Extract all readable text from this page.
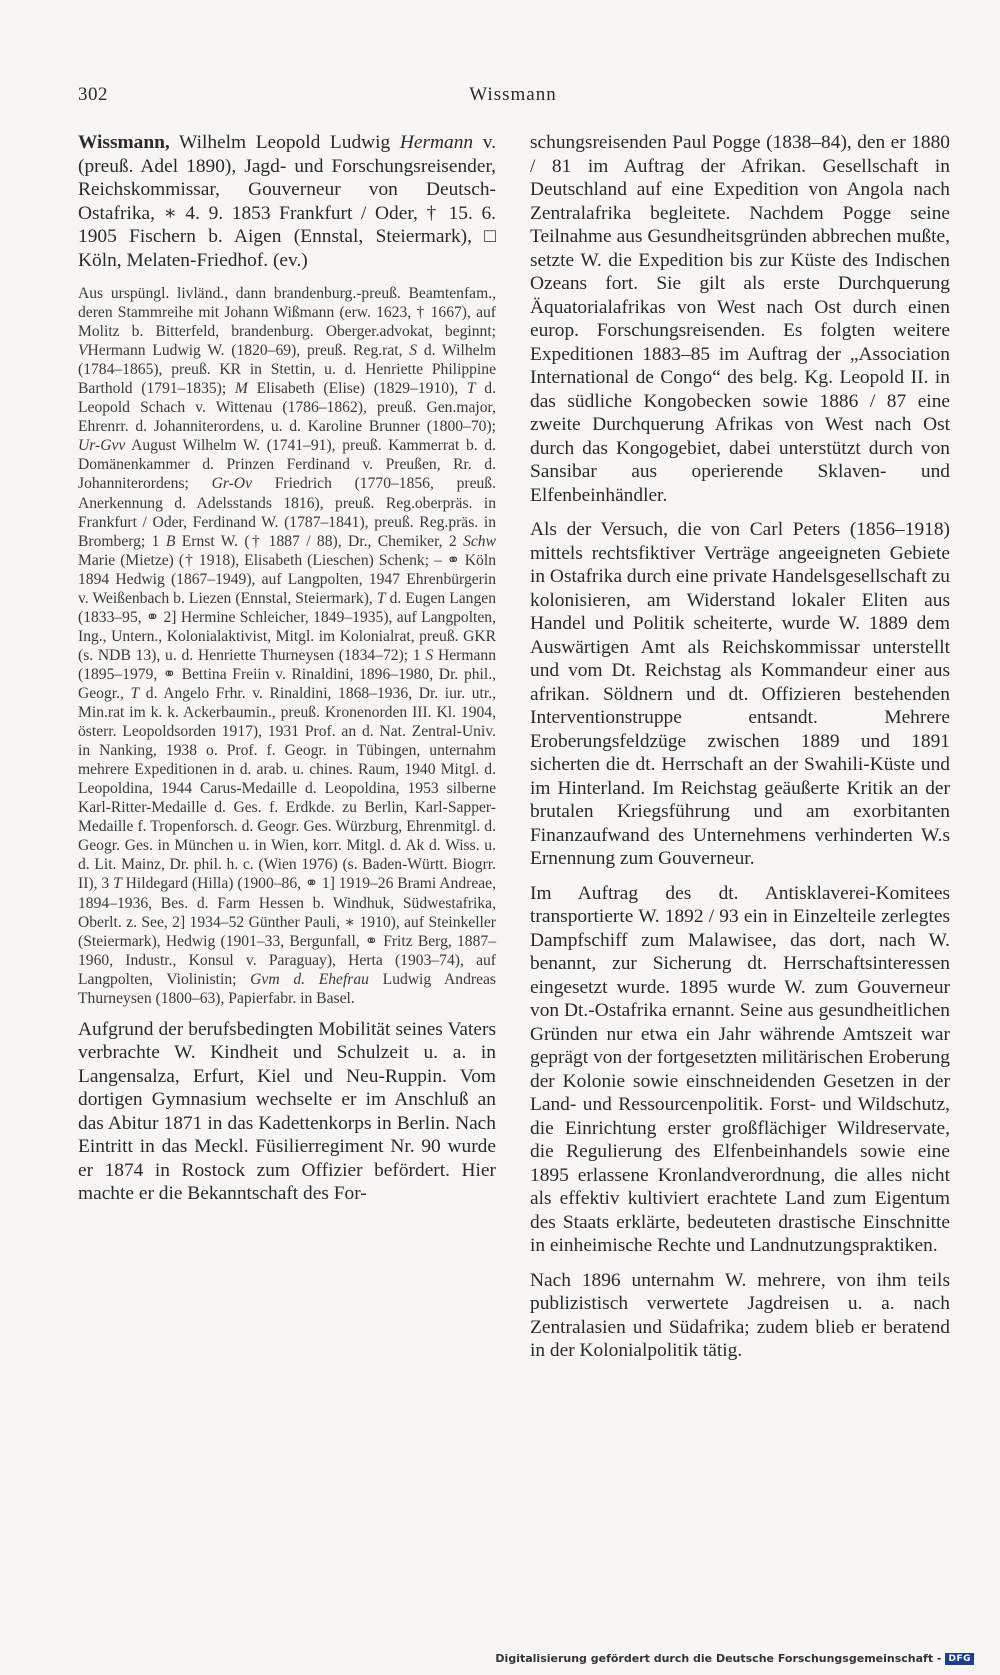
302	Wissmann

Wissmann, Wilhelm Leopold Ludwig Hermann v. (preuß. Adel 1890), Jagd- und Forschungsreisender, Reichskommissar, Gouverneur von Deutsch-Ostafrika, ∗ 4. 9. 1853 Frankfurt / Oder, † 15. 6. 1905 Fischern b. Aigen (Ennstal, Steiermark), □ Köln, Melaten-Friedhof. (ev.)

Aus urspüngl. livländ., dann brandenburg.-preuß. Beamtenfam., deren Stammreihe mit Johann Wißmann (erw. 1623, † 1667), auf Molitz b. Bitterfeld, brandenburg. Oberger.advokat, beginnt; VHermann Ludwig W. (1820–69), preuß. Reg.rat, S d. Wilhelm (1784–1865), preuß. KR in Stettin, u. d. Henriette Philippine Barthold (1791–1835); M Elisabeth (Elise) (1829–1910), T d. Leopold Schach v. Wittenau (1786–1862), preuß. Gen.major, Ehrenrr. d. Johanniterordens, u. d. Karoline Brunner (1800–70); Ur-Gvv August Wilhelm W. (1741–91), preuß. Kammerrat b. d. Domänenkammer d. Prinzen Ferdinand v. Preußen, Rr. d. Johanniterordens; Gr-Ov Friedrich (1770–1856, preuß. Anerkennung d. Adelsstands 1816), preuß. Reg.oberpräs. in Frankfurt / Oder, Ferdinand W. (1787–1841), preuß. Reg.präs. in Bromberg; 1 B Ernst W. († 1887 / 88), Dr., Chemiker, 2 Schw Marie (Mietze) († 1918), Elisabeth (Lieschen) Schenk; – ⚭ Köln 1894 Hedwig (1867–1949), auf Langpolten, 1947 Ehrenbürgerin v. Weißenbach b. Liezen (Ennstal, Steiermark), T d. Eugen Langen (1833–95, ⚭ 2] Hermine Schleicher, 1849–1935), auf Langpolten, Ing., Untern., Kolonialaktivist, Mitgl. im Kolonialrat, preuß. GKR (s. NDB 13), u. d. Henriette Thurneysen (1834–72); 1 S Hermann (1895–1979, ⚭ Bettina Freiin v. Rinaldini, 1896–1980, Dr. phil., Geogr., T d. Angelo Frhr. v. Rinaldini, 1868–1936, Dr. iur. utr., Min.rat im k. k. Ackerbaumin., preuß. Kronenorden III. Kl. 1904, österr. Leopoldsorden 1917), 1931 Prof. an d. Nat. Zentral-Univ. in Nanking, 1938 o. Prof. f. Geogr. in Tübingen, unternahm mehrere Expeditionen in d. arab. u. chines. Raum, 1940 Mitgl. d. Leopoldina, 1944 Carus-Medaille d. Leopoldina, 1953 silberne Karl-Ritter-Medaille d. Ges. f. Erdkde. zu Berlin, Karl-Sapper-Medaille f. Tropenforsch. d. Geogr. Ges. Würzburg, Ehrenmitgl. d. Geogr. Ges. in München u. in Wien, korr. Mitgl. d. Ak d. Wiss. u. d. Lit. Mainz, Dr. phil. h. c. (Wien 1976) (s. Baden-Württ. Biogrr. II), 3 T Hildegard (Hilla) (1900–86, ⚭ 1] 1919–26 Brami Andreae, 1894–1936, Bes. d. Farm Hessen b. Windhuk, Südwestafrika, Oberlt. z. See, 2] 1934–52 Günther Pauli, ∗ 1910), auf Steinkeller (Steiermark), Hedwig (1901–33, Bergunfall, ⚭ Fritz Berg, 1887–1960, Industr., Konsul v. Paraguay), Herta (1903–74), auf Langpolten, Violinistin; Gvm d. Ehefrau Ludwig Andreas Thurneysen (1800–63), Papierfabr. in Basel.

Aufgrund der berufsbedingten Mobilität seines Vaters verbrachte W. Kindheit und Schulzeit u. a. in Langensalza, Erfurt, Kiel und Neu-Ruppin. Vom dortigen Gymnasium wechselte er im Anschluß an das Abitur 1871 in das Kadettenkorps in Berlin. Nach Eintritt in das Meckl. Füsilierregiment Nr. 90 wurde er 1874 in Rostock zum Offizier befördert. Hier machte er die Bekanntschaft des For-

schungsreisenden Paul Pogge (1838–84), den er 1880 / 81 im Auftrag der Afrikan. Gesellschaft in Deutschland auf eine Expedition von Angola nach Zentralafrika begleitete. Nachdem Pogge seine Teilnahme aus Gesundheitsgründen abbrechen mußte, setzte W. die Expedition bis zur Küste des Indischen Ozeans fort. Sie gilt als erste Durchquerung Äquatorialafrikas von West nach Ost durch einen europ. Forschungsreisenden. Es folgten weitere Expeditionen 1883–85 im Auftrag der „Association International de Congo“ des belg. Kg. Leopold II. in das südliche Kongobecken sowie 1886 / 87 eine zweite Durchquerung Afrikas von West nach Ost durch das Kongogebiet, dabei unterstützt durch von Sansibar aus operierende Sklaven- und Elfenbeinhändler.

Als der Versuch, die von Carl Peters (1856–1918) mittels rechtsfiktiver Verträge angeeigneten Gebiete in Ostafrika durch eine private Handelsgesellschaft zu kolonisieren, am Widerstand lokaler Eliten aus Handel und Politik scheiterte, wurde W. 1889 dem Auswärtigen Amt als Reichskommissar unterstellt und vom Dt. Reichstag als Kommandeur einer aus afrikan. Söldnern und dt. Offizieren bestehenden Interventionstruppe entsandt. Mehrere Eroberungsfeldzüge zwischen 1889 und 1891 sicherten die dt. Herrschaft an der Swahili-Küste und im Hinterland. Im Reichstag geäußerte Kritik an der brutalen Kriegsführung und am exorbitanten Finanzaufwand des Unternehmens verhinderten W.s Ernennung zum Gouverneur.

Im Auftrag des dt. Antisklaverei-Komitees transportierte W. 1892 / 93 ein in Einzelteile zerlegtes Dampfschiff zum Malawisee, das dort, nach W. benannt, zur Sicherung dt. Herrschaftsinteressen eingesetzt wurde. 1895 wurde W. zum Gouverneur von Dt.-Ostafrika ernannt. Seine aus gesundheitlichen Gründen nur etwa ein Jahr währende Amtszeit war geprägt von der fortgesetzten militärischen Eroberung der Kolonie sowie einschneidenden Gesetzen in der Land- und Ressourcenpolitik. Forst- und Wildschutz, die Einrichtung erster großflächiger Wildreservate, die Regulierung des Elfenbeinhandels sowie eine 1895 erlassene Kronlandverordnung, die alles nicht als effektiv kultiviert erachtete Land zum Eigentum des Staats erklärte, bedeuteten drastische Einschnitte in einheimische Rechte und Landnutzungspraktiken.

Nach 1896 unternahm W. mehrere, von ihm teils publizistisch verwertete Jagdreisen u. a. nach Zentralasien und Südafrika; zudem blieb er beratend in der Kolonialpolitik tätig.

Digitalisierung gefördert durch die Deutsche Forschungsgemeinschaft - DFG
